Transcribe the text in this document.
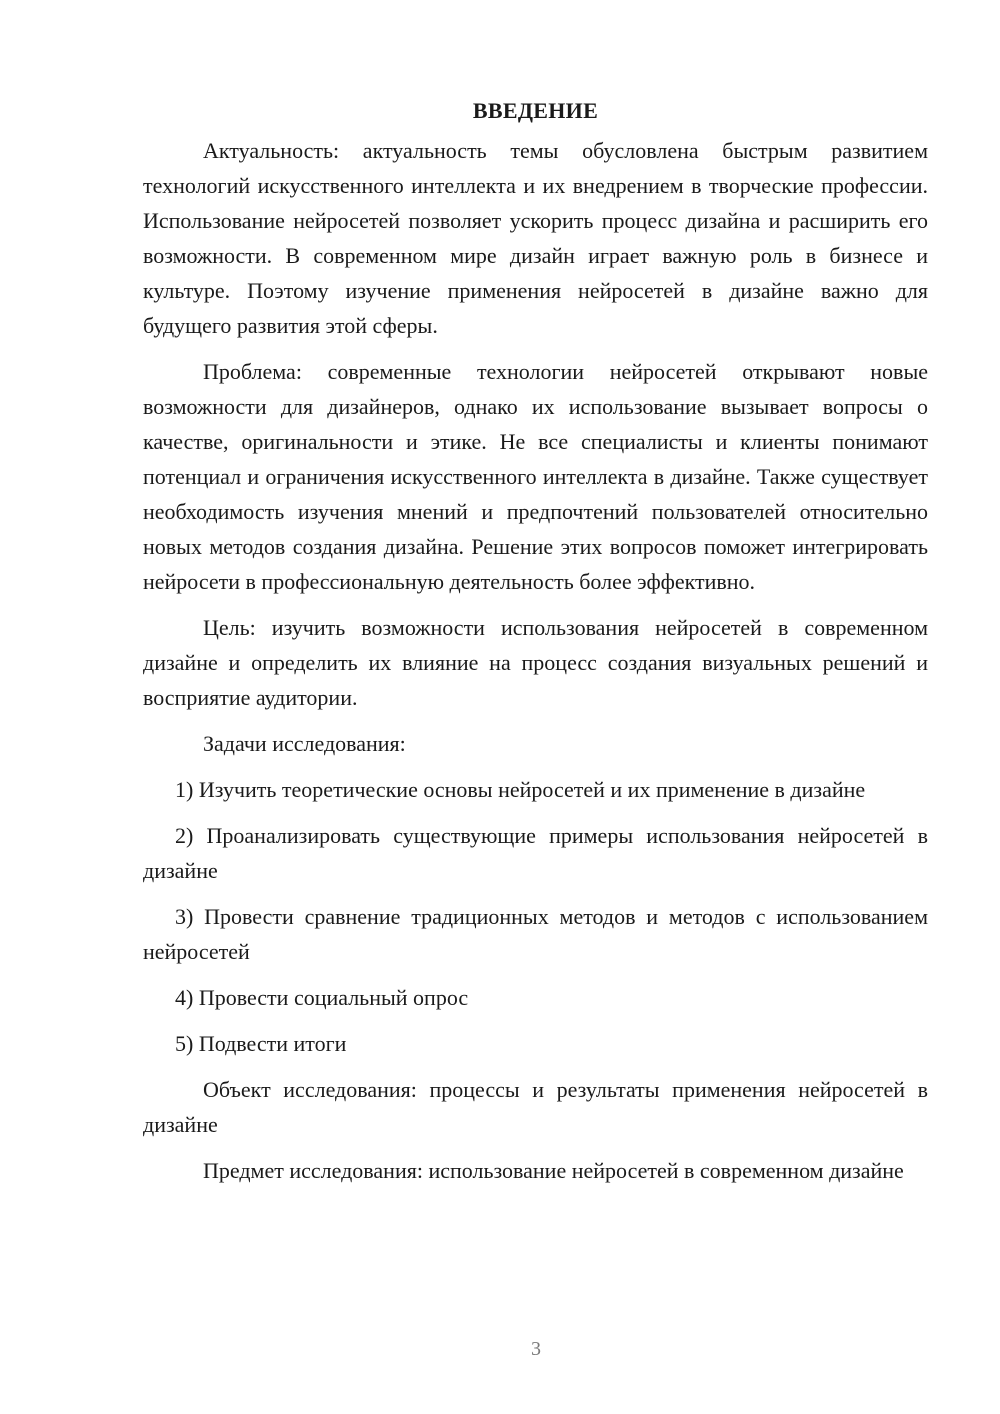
ВВЕДЕНИЕ

Актуальность: актуальность темы обусловлена быстрым развитием технологий искусственного интеллекта и их внедрением в творческие профессии. Использование нейросетей позволяет ускорить процесс дизайна и расширить его возможности. В современном мире дизайн играет важную роль в бизнесе и культуре. Поэтому изучение применения нейросетей в дизайне важно для будущего развития этой сферы.

Проблема: современные технологии нейросетей открывают новые возможности для дизайнеров, однако их использование вызывает вопросы о качестве, оригинальности и этике. Не все специалисты и клиенты понимают потенциал и ограничения искусственного интеллекта в дизайне. Также существует необходимость изучения мнений и предпочтений пользователей относительно новых методов создания дизайна. Решение этих вопросов поможет интегрировать нейросети в профессиональную деятельность более эффективно.

Цель: изучить возможности использования нейросетей в современном дизайне и определить их влияние на процесс создания визуальных решений и восприятие аудитории.

Задачи исследования:

1) Изучить теоретические основы нейросетей и их применение в дизайне

2) Проанализировать существующие примеры использования нейросетей в дизайне

3) Провести сравнение традиционных методов и методов с использованием нейросетей

4) Провести социальный опрос

5) Подвести итоги

Объект исследования: процессы и результаты применения нейросетей в дизайне

Предмет исследования: использование нейросетей в современном дизайне

3
